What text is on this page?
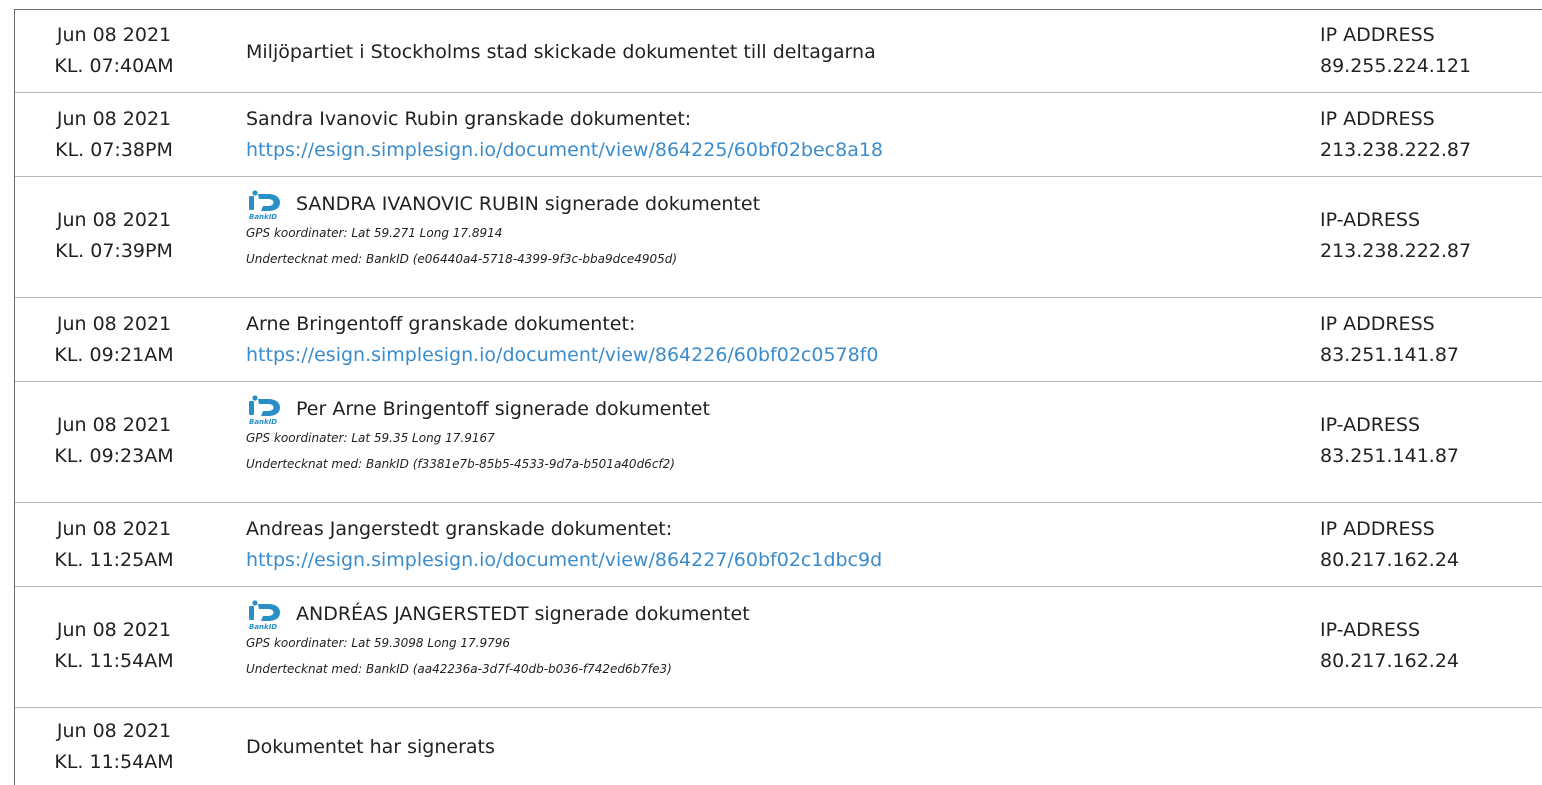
Jun 08 2021
KL. 07:40AM
Miljöpartiet i Stockholms stad skickade dokumentet till deltagarna
IP ADDRESS
89.255.224.121
Jun 08 2021
KL. 07:38PM
Sandra Ivanovic Rubin granskade dokumentet:
https://esign.simplesign.io/document/view/864225/60bf02bec8a18
IP ADDRESS
213.238.222.87
Jun 08 2021
KL. 07:39PM
BankID
SANDRA IVANOVIC RUBIN signerade dokumentet
GPS koordinater: Lat 59.271 Long 17.8914
Undertecknat med: BankID (e06440a4-5718-4399-9f3c-bba9dce4905d)
IP-ADRESS
213.238.222.87
Jun 08 2021
KL. 09:21AM
Arne Bringentoff granskade dokumentet:
https://esign.simplesign.io/document/view/864226/60bf02c0578f0
IP ADDRESS
83.251.141.87
Jun 08 2021
KL. 09:23AM
BankID
Per Arne Bringentoff signerade dokumentet
GPS koordinater: Lat 59.35 Long 17.9167
Undertecknat med: BankID (f3381e7b-85b5-4533-9d7a-b501a40d6cf2)
IP-ADRESS
83.251.141.87
Jun 08 2021
KL. 11:25AM
Andreas Jangerstedt granskade dokumentet:
https://esign.simplesign.io/document/view/864227/60bf02c1dbc9d
IP ADDRESS
80.217.162.24
Jun 08 2021
KL. 11:54AM
BankID
ANDRÉAS JANGERSTEDT signerade dokumentet
GPS koordinater: Lat 59.3098 Long 17.9796
Undertecknat med: BankID (aa42236a-3d7f-40db-b036-f742ed6b7fe3)
IP-ADRESS
80.217.162.24
Jun 08 2021
KL. 11:54AM
Dokumentet har signerats
